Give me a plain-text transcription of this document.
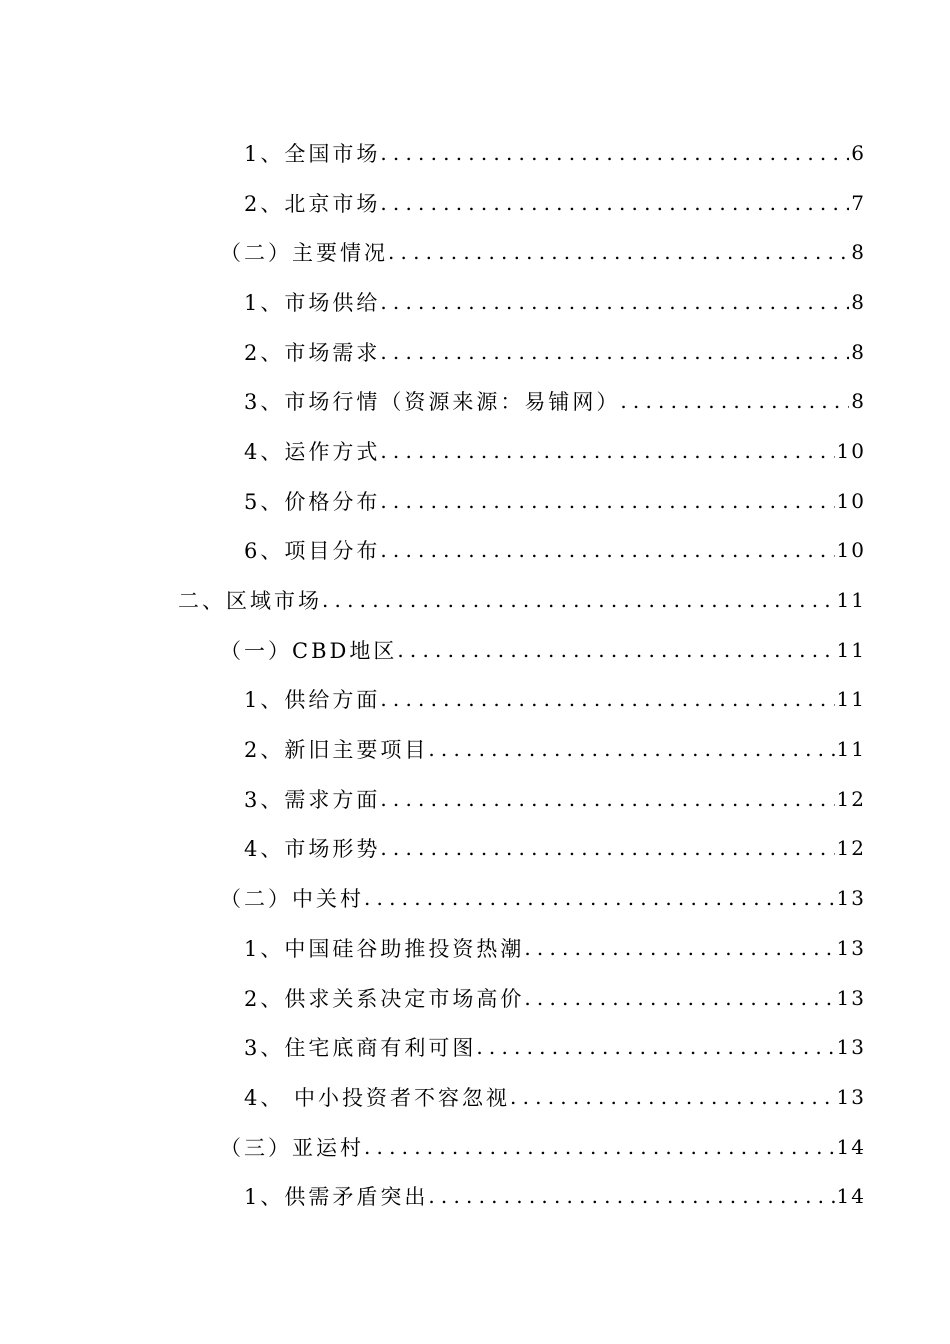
1、全国市场 .....	6
2、北京市场 .....	7
（二）主要情况 .....	8
1、市场供给 .....	8
2、市场需求 .....	8
3、市场行情（资源来源：易铺网） .....	8
4、运作方式 .....	10
5、价格分布 .....	10
6、项目分布 .....	10
二、区域市场 .....	11
（一）CBD地区 .....	11
1、供给方面 .....	11
2、新旧主要项目 .....	11
3、需求方面 .....	12
4、市场形势 .....	12
（二）中关村 .....	13
1、中国硅谷助推投资热潮 .....	13
2、供求关系决定市场高价 .....	13
3、住宅底商有利可图 .....	13
4、 中小投资者不容忽视 .....	13
（三）亚运村 .....	14
1、供需矛盾突出 .....	14
